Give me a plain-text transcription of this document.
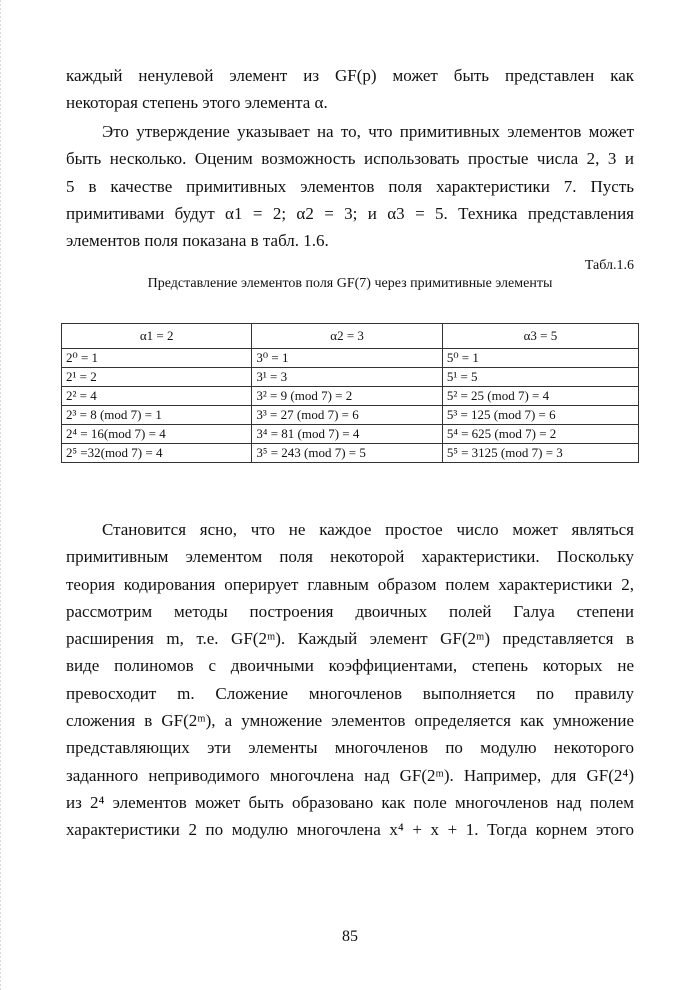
каждый ненулевой элемент из GF(p) может быть представлен как
некоторая степень этого элемента α.

Это утверждение указывает на то, что примитивных элементов может
быть несколько. Оценим возможность использовать простые числа 2, 3 и
5 в качестве примитивных элементов поля характеристики 7. Пусть
примитивами будут α1 = 2; α2 = 3; и α3 = 5. Техника представления
элементов поля показана в табл. 1.6.

Табл.1.6
Представление элементов поля GF(7) через примитивные элементы
α1 = 2	α2 = 3	α3 = 5
2⁰ = 1	3⁰ = 1	5⁰ = 1
2¹ = 2	3¹ = 3	5¹ = 5
2² = 4	3² = 9 (mod 7) = 2	5² = 25 (mod 7) = 4
2³ = 8 (mod 7) = 1	3³ = 27 (mod 7) = 6	5³ = 125 (mod 7) = 6
2⁴ = 16(mod 7) = 4	3⁴ = 81 (mod 7) = 4	5⁴ = 625 (mod 7) = 2
2⁵ =32(mod 7) = 4	3⁵ = 243 (mod 7) = 5	5⁵ = 3125 (mod 7) = 3

Становится ясно, что не каждое простое число может являться
примитивным элементом поля некоторой характеристики. Поскольку
теория кодирования оперирует главным образом полем характеристики 2,
рассмотрим методы построения двоичных полей Галуа степени
расширения m, т.е. GF(2ᵐ). Каждый элемент GF(2ᵐ) представляется в
виде полиномов с двоичными коэффициентами, степень которых не
превосходит m. Сложение многочленов выполняется по правилу
сложения в GF(2ᵐ), а умножение элементов определяется как умножение
представляющих эти элементы многочленов по модулю некоторого
заданного неприводимого многочлена над GF(2ᵐ). Например, для GF(2⁴)
из 2⁴ элементов может быть образовано как поле многочленов над полем
характеристики 2 по модулю многочлена x⁴ + x + 1. Тогда корнем этого

85
